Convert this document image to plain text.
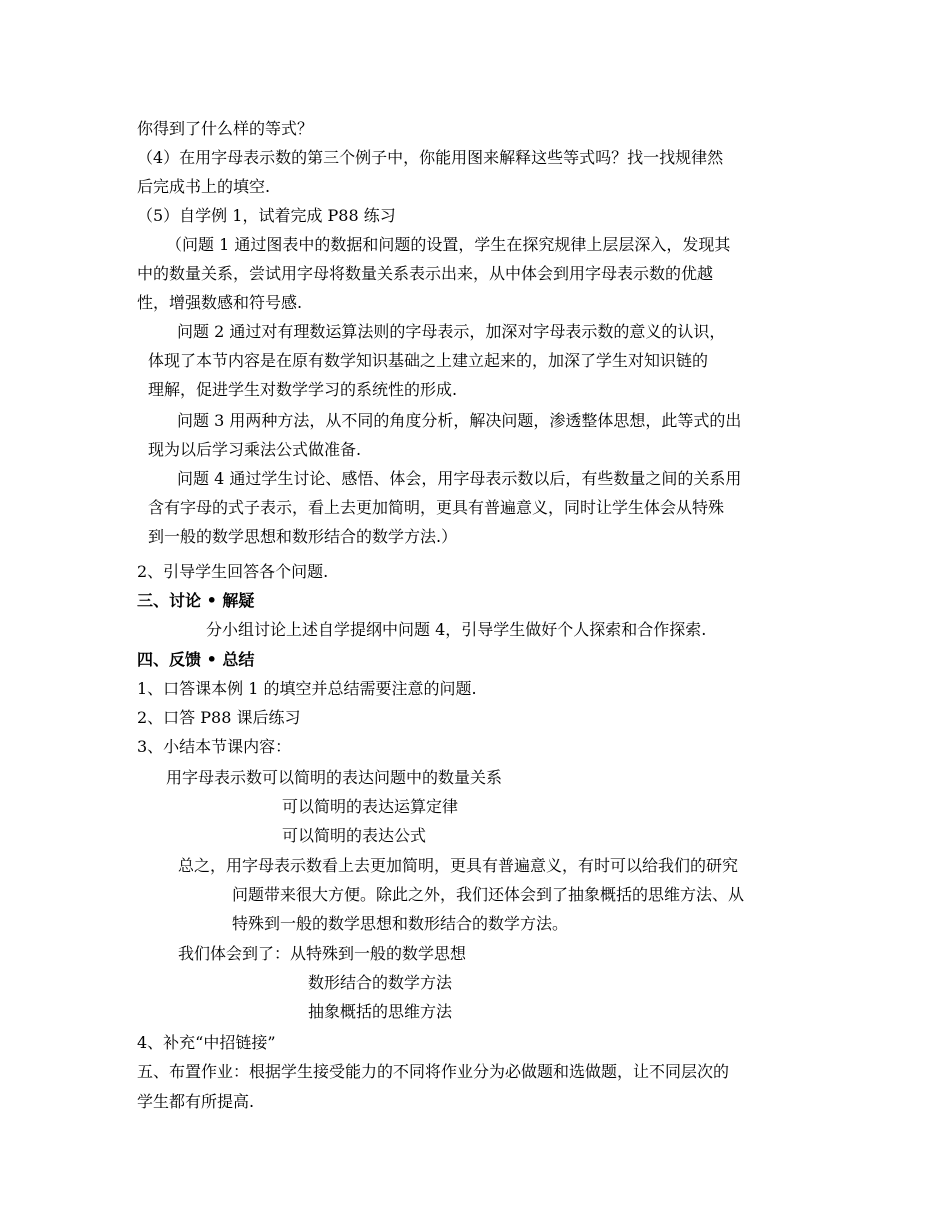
你得到了什么样的等式？
（4）在用字母表示数的第三个例子中，你能用图来解释这些等式吗？找一找规律然
后完成书上的填空.
（5）自学例 1，试着完成 P88 练习
（问题 1 通过图表中的数据和问题的设置，学生在探究规律上层层深入，发现其
中的数量关系，尝试用字母将数量关系表示出来，从中体会到用字母表示数的优越
性，增强数感和符号感.
问题 2 通过对有理数运算法则的字母表示，加深对字母表示数的意义的认识，
体现了本节内容是在原有数学知识基础之上建立起来的，加深了学生对知识链的
理解，促进学生对数学学习的系统性的形成.
问题 3 用两种方法，从不同的角度分析，解决问题，渗透整体思想，此等式的出
现为以后学习乘法公式做准备.
问题 4 通过学生讨论、感悟、体会，用字母表示数以后，有些数量之间的关系用
含有字母的式子表示，看上去更加简明，更具有普遍意义，同时让学生体会从特殊
到一般的数学思想和数形结合的数学方法.）
2、引导学生回答各个问题.
三、讨论 • 解疑
分小组讨论上述自学提纲中问题 4，引导学生做好个人探索和合作探索.
四、反馈 • 总结
1、口答课本例 1 的填空并总结需要注意的问题.
2、口答 P88 课后练习
3、小结本节课内容：
用字母表示数可以简明的表达问题中的数量关系
可以简明的表达运算定律
可以简明的表达公式
总之，用字母表示数看上去更加简明，更具有普遍意义，有时可以给我们的研究
问题带来很大方便。除此之外，我们还体会到了抽象概括的思维方法、从
特殊到一般的数学思想和数形结合的数学方法。
我们体会到了：从特殊到一般的数学思想
数形结合的数学方法
抽象概括的思维方法
4、补充“中招链接”
五、布置作业：根据学生接受能力的不同将作业分为必做题和选做题，让不同层次的
学生都有所提高.
